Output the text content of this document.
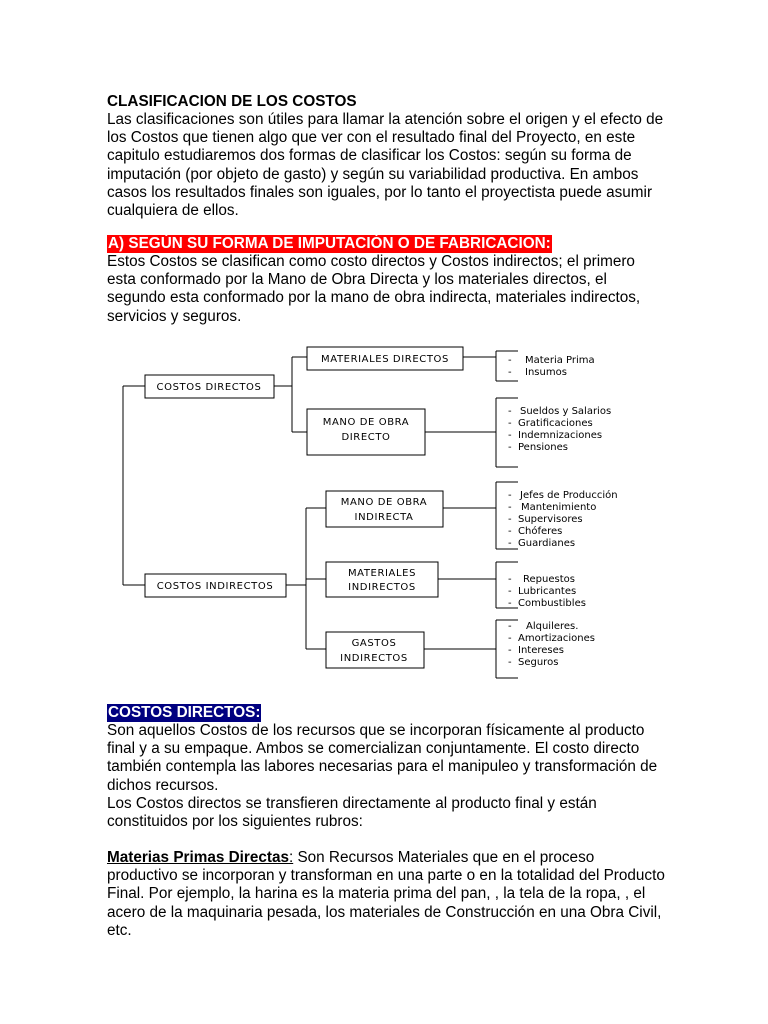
CLASIFICACION DE LOS COSTOS

Las clasificaciones son útiles para llamar la atención sobre el origen y el efecto de los Costos que tienen algo que ver con el resultado final del Proyecto, en este capitulo estudiaremos dos formas de clasificar los Costos: según su forma de imputación (por objeto de gasto) y según su variabilidad productiva. En ambos casos los resultados finales son iguales, por lo tanto el proyectista puede asumir cualquiera de ellos.

A) SEGÚN SU FORMA DE IMPUTACIÓN O DE FABRICACION:

Estos Costos se clasifican como costo directos y Costos indirectos; el primero esta conformado por la Mano de Obra Directa y los materiales directos, el segundo esta conformado por la mano de obra indirecta, materiales indirectos, servicios y seguros.

COSTOS DIRECTOS
MATERIALES DIRECTOS
MANO DE OBRA
DIRECTO
- Materia Prima
- Insumos
- Sueldos y Salarios
- Gratificaciones
- Indemnizaciones
- Pensiones
COSTOS INDIRECTOS
MANO DE OBRA
INDIRECTA
MATERIALES
INDIRECTOS
GASTOS
INDIRECTOS
- Jefes de Producción
- Mantenimiento
- Supervisores
- Chóferes
- Guardianes
- Repuestos
- Lubricantes
- Combustibles
- Alquileres.
- Amortizaciones
- Intereses
- Seguros
COSTOS DIRECTOS:

Son aquellos Costos de los recursos que se incorporan físicamente al producto final y a su empaque. Ambos se comercializan conjuntamente. El costo directo también contempla las labores necesarias para el manipuleo y transformación de dichos recursos.

Los Costos directos se transfieren directamente al producto final y están constituidos por los siguientes rubros:

Materias Primas Directas: Son Recursos Materiales que en el proceso productivo se incorporan y transforman en una parte o en la totalidad del Producto Final. Por ejemplo, la harina es la materia prima del pan, , la tela de la ropa, , el acero de la maquinaria pesada, los materiales de Construcción en una Obra Civil, etc.
